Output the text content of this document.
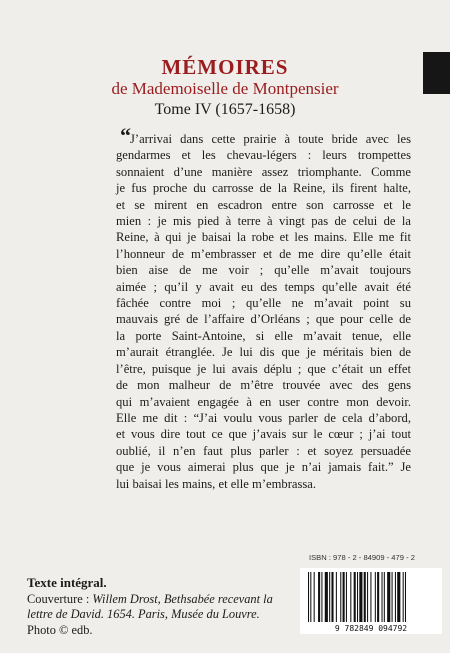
MÉMOIRES
de Mademoiselle de Montpensier
Tome IV (1657-1658)
“ J’arrivai dans cette prairie à toute bride avec les
gendarmes et les chevau-légers : leurs trompettes
sonnaient d’une manière assez triomphante. Comme
je fus proche du carrosse de la Reine, ils firent halte,
et se mirent en escadron entre son carrosse et le
mien : je mis pied à terre à vingt pas de celui de la
Reine, à qui je baisai la robe et les mains. Elle me fit
l’honneur de m’embrasser et de me dire qu’elle était
bien aise de me voir ; qu’elle m’avait toujours
aimée ; qu’il y avait eu des temps qu’elle avait été
fâchée contre moi ; qu’elle ne m’avait point su
mauvais gré de l’affaire d’Orléans ; que pour celle de
la porte Saint-Antoine, si elle m’avait tenue, elle
m’aurait étranglée. Je lui dis que je méritais bien de
l’être, puisque je lui avais déplu ; que c’était un effet
de mon malheur de m’être trouvée avec des gens
qui m’avaient engagée à en user contre mon devoir.
Elle me dit : “J’ai voulu vous parler de cela d’abord,
et vous dire tout ce que j’avais sur le cœur ; j’ai tout
oublié, il n’en faut plus parler : et soyez persuadée
que je vous aimerai plus que je n’ai jamais fait.” Je
lui baisai les mains, et elle m’embrassa.
Texte intégral.
Couverture : Willem Drost, Bethsabée recevant la lettre de David. 1654. Paris, Musée du Louvre. Photo © edb.
ISBN : 978 - 2 - 84909 - 479 - 2
9 782849 094792
